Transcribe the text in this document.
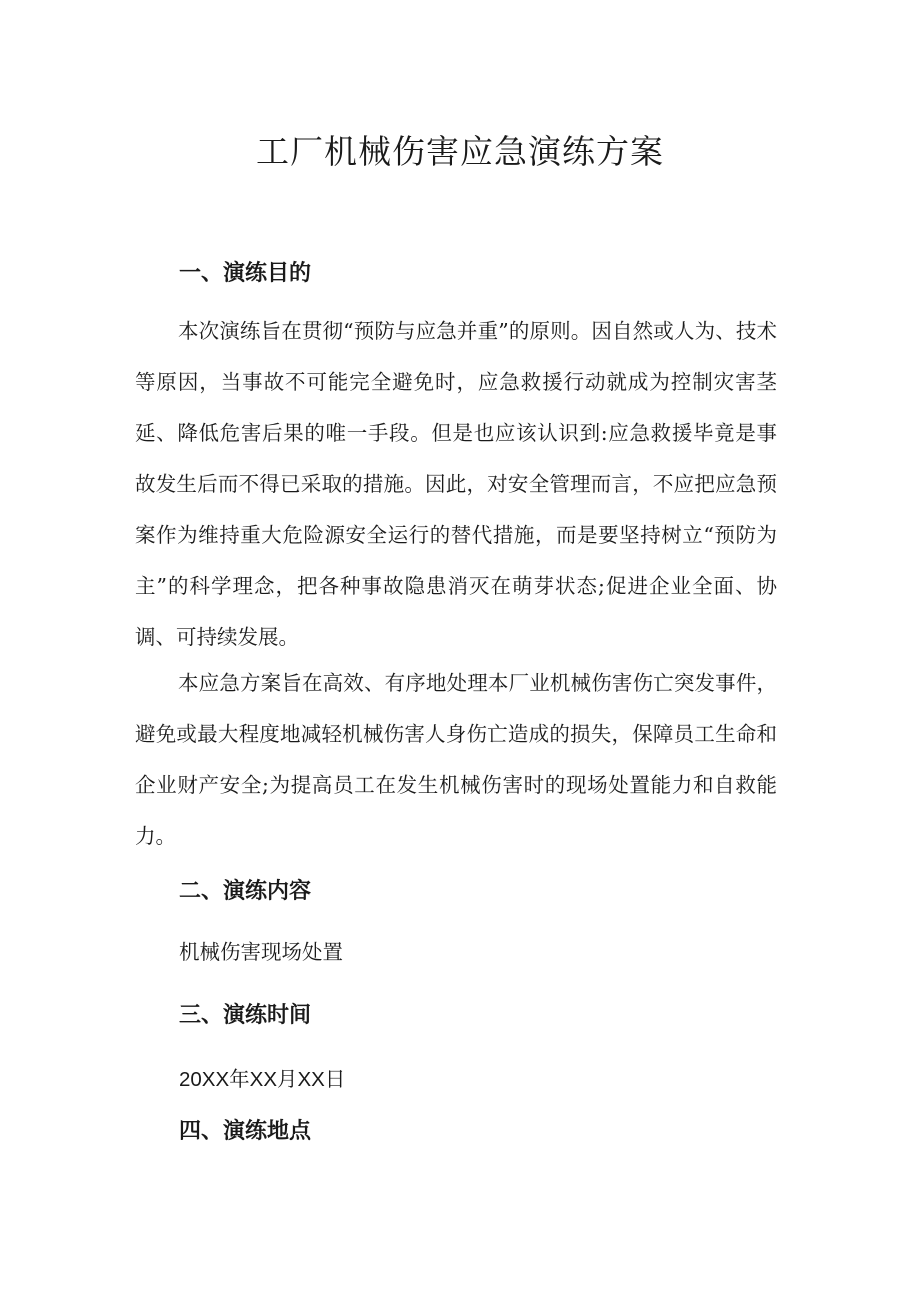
工厂机械伤害应急演练方案
一、演练目的

本次演练旨在贯彻“预防与应急并重”的原则。因自然或人为、技术等原因，当事故不可能完全避免时，应急救援行动就成为控制灾害茎延、降低危害后果的唯一手段。但是也应该认识到:应急救援毕竟是事故发生后而不得已采取的措施。因此，对安全管理而言，不应把应急预案作为维持重大危险源安全运行的替代措施，而是要坚持树立“预防为主”的科学理念，把各种事故隐患消灭在萌芽状态;促进企业全面、协调、可持续发展。

本应急方案旨在高效、有序地处理本厂业机械伤害伤亡突发事件，避免或最大程度地减轻机械伤害人身伤亡造成的损失，保障员工生命和企业财产安全;为提高员工在发生机械伤害时的现场处置能力和自救能力。

二、演练内容

机械伤害现场处置

三、演练时间

20XX年XX月XX日

四、演练地点
